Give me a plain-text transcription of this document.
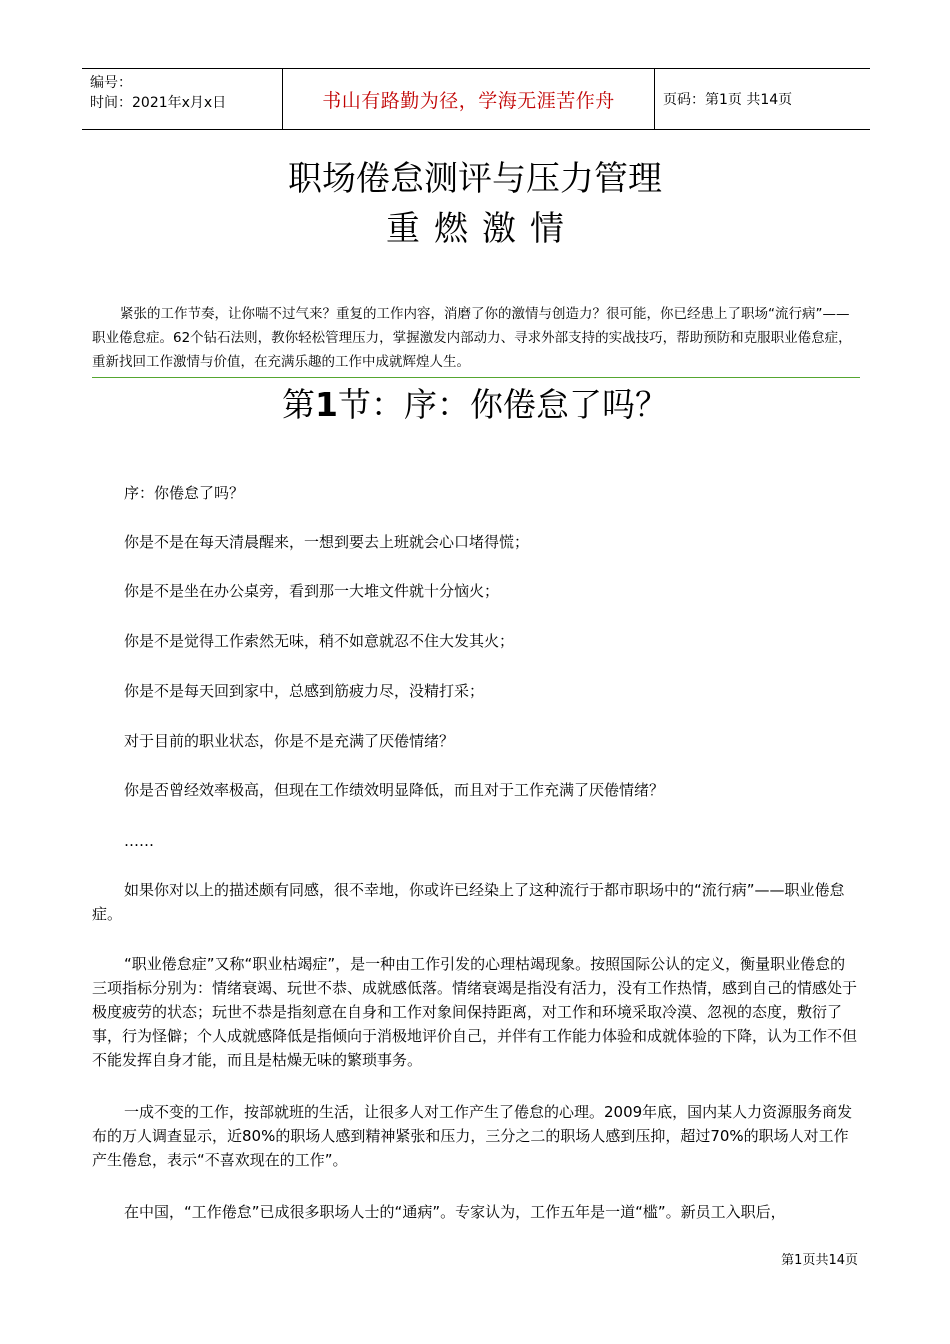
编号：
时间：2021年x月x日	书山有路勤为径，学海无涯苦作舟	页码：第1页 共14页
职场倦怠测评与压力管理
重燃激情

紧张的工作节奏，让你喘不过气来？重复的工作内容，消磨了你的激情与创造力？很可能，你已经患上了职场“流行病”——职业倦怠症。62个钻石法则，教你轻松管理压力，掌握激发内部动力、寻求外部支持的实战技巧，帮助预防和克服职业倦怠症，重新找回工作激情与价值，在充满乐趣的工作中成就辉煌人生。

第1节：序：你倦怠了吗？

序：你倦怠了吗？

你是不是在每天清晨醒来，一想到要去上班就会心口堵得慌；

你是不是坐在办公桌旁，看到那一大堆文件就十分恼火；

你是不是觉得工作索然无味，稍不如意就忍不住大发其火；

你是不是每天回到家中，总感到筋疲力尽，没精打采；

对于目前的职业状态，你是不是充满了厌倦情绪？

你是否曾经效率极高，但现在工作绩效明显降低，而且对于工作充满了厌倦情绪？

……

如果你对以上的描述颇有同感，很不幸地，你或许已经染上了这种流行于都市职场中的“流行病”——职业倦怠症。

“职业倦怠症”又称“职业枯竭症”，是一种由工作引发的心理枯竭现象。按照国际公认的定义，衡量职业倦怠的三项指标分别为：情绪衰竭、玩世不恭、成就感低落。情绪衰竭是指没有活力，没有工作热情，感到自己的情感处于极度疲劳的状态；玩世不恭是指刻意在自身和工作对象间保持距离，对工作和环境采取冷漠、忽视的态度，敷衍了事，行为怪僻；个人成就感降低是指倾向于消极地评价自己，并伴有工作能力体验和成就体验的下降，认为工作不但不能发挥自身才能，而且是枯燥无味的繁琐事务。

一成不变的工作，按部就班的生活，让很多人对工作产生了倦怠的心理。2009年底，国内某人力资源服务商发布的万人调查显示，近80%的职场人感到精神紧张和压力，三分之二的职场人感到压抑，超过70%的职场人对工作产生倦怠，表示“不喜欢现在的工作”。

在中国，“工作倦怠”已成很多职场人士的“通病”。专家认为，工作五年是一道“槛”。新员工入职后，

第1页共14页
